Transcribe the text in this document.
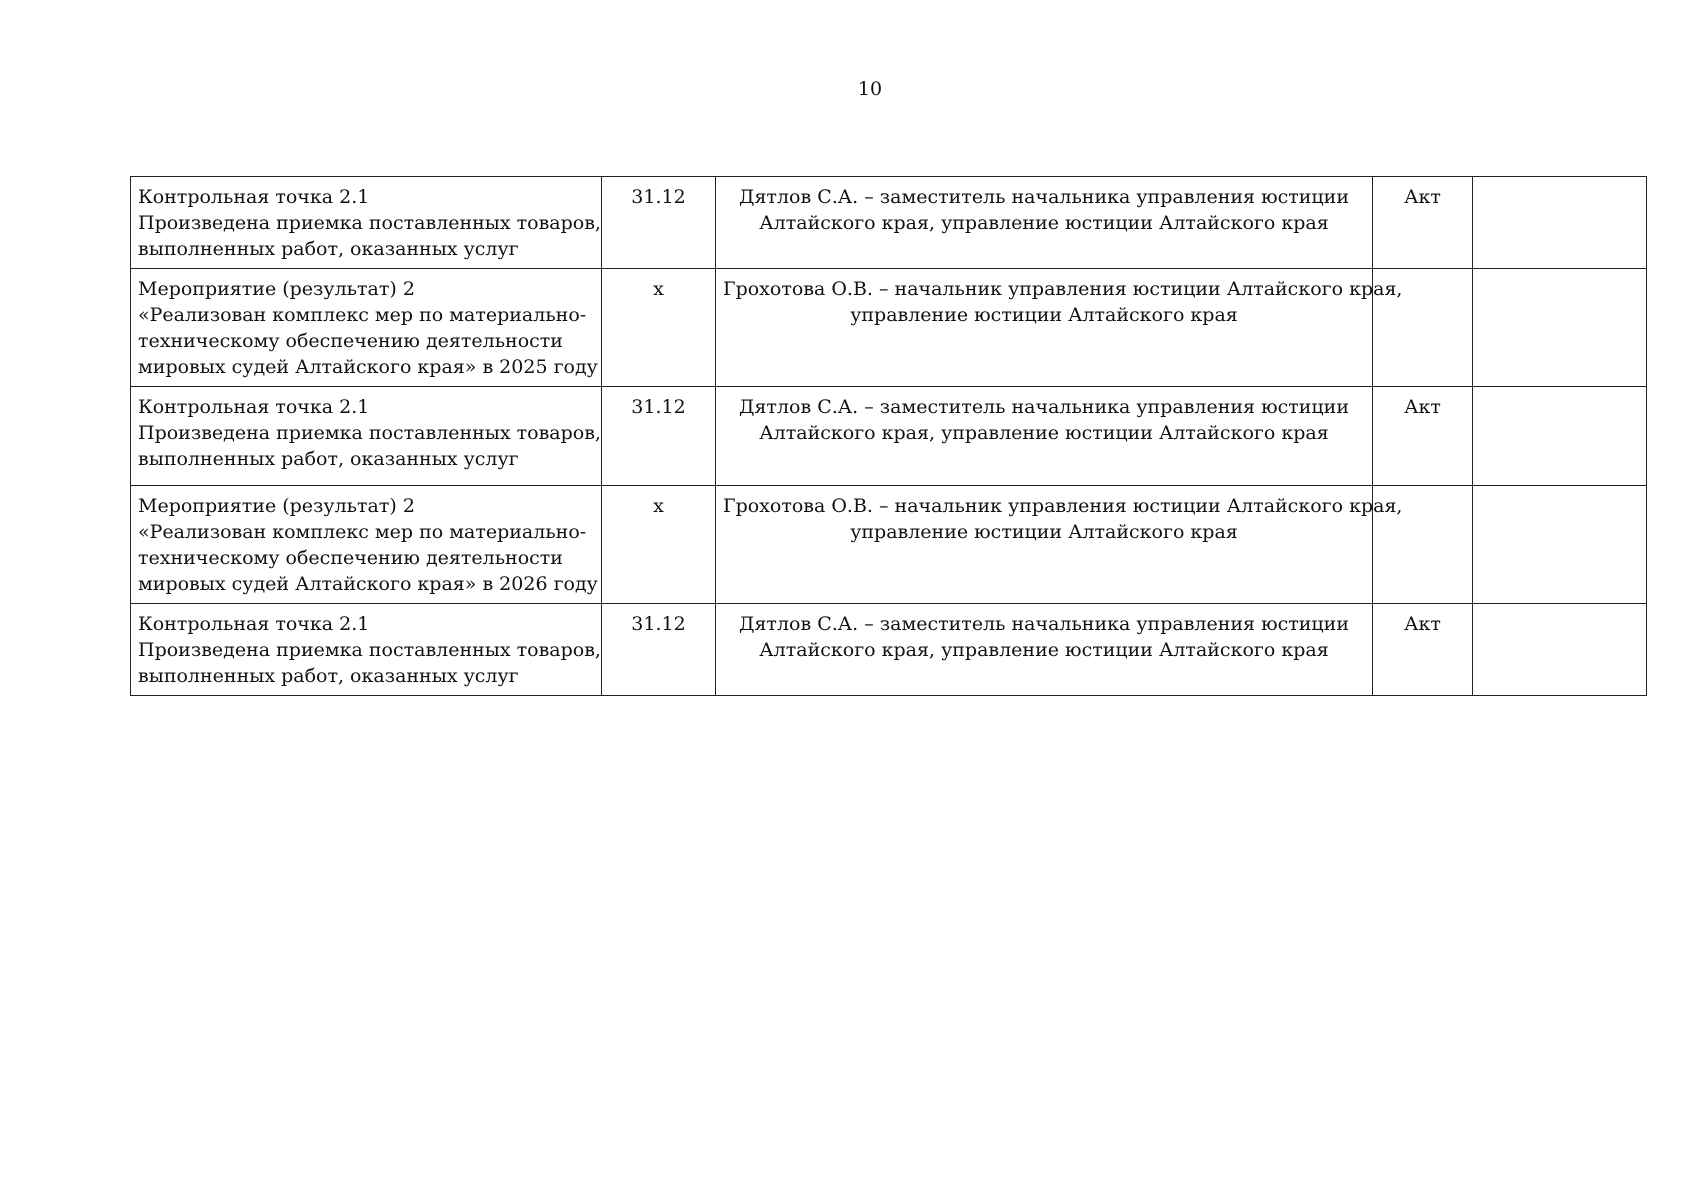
10
Контрольная точка 2.1
Произведена приемка поставленных товаров,
выполненных работ, оказанных услуг	31.12	Дятлов С.А. – заместитель начальника управления юстиции
Алтайского края, управление юстиции Алтайского края	Акт	

Мероприятие (результат) 2
«Реализован комплекс мер по материально-
техническому обеспечению деятельности
мировых судей Алтайского края» в 2025 году	х	Грохотова О.В. – начальник управления юстиции Алтайского края,
управление юстиции Алтайского края		

Контрольная точка 2.1
Произведена приемка поставленных товаров,
выполненных работ, оказанных услуг	31.12	Дятлов С.А. – заместитель начальника управления юстиции
Алтайского края, управление юстиции Алтайского края	Акт	

Мероприятие (результат) 2
«Реализован комплекс мер по материально-
техническому обеспечению деятельности
мировых судей Алтайского края» в 2026 году	х	Грохотова О.В. – начальник управления юстиции Алтайского края,
управление юстиции Алтайского края		

Контрольная точка 2.1
Произведена приемка поставленных товаров,
выполненных работ, оказанных услуг	31.12	Дятлов С.А. – заместитель начальника управления юстиции
Алтайского края, управление юстиции Алтайского края	Акт	
